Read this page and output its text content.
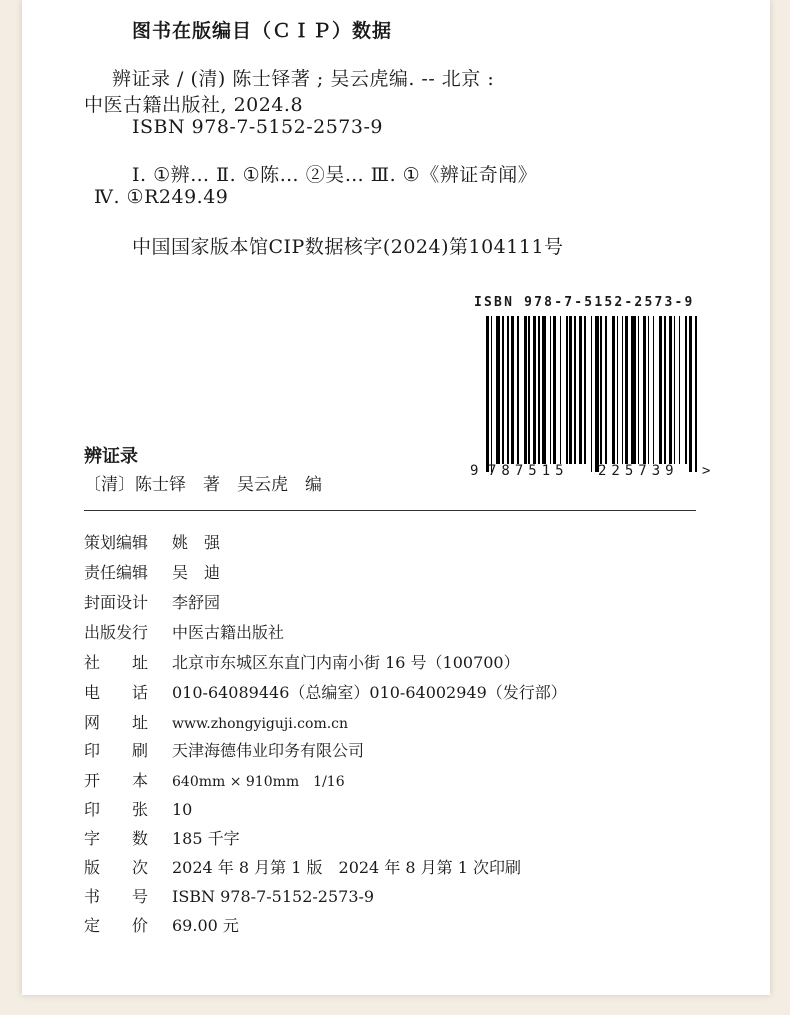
图书在版编目（ＣＩＰ）数据
辨证录 / (清) 陈士铎著 ; 吴云虎编. -- 北京 :
中医古籍出版社, 2024.8
ISBN 978-7-5152-2573-9
Ⅰ. ①辨… Ⅱ. ①陈… ②吴… Ⅲ. ①《辨证奇闻》
Ⅳ. ①R249.49
中国国家版本馆CIP数据核字(2024)第104111号
ISBN 978-7-5152-2573-9
9 787515 225739 >
辨证录
〔清〕陈士铎　著　吴云虎　编
策划编辑 姚　强
责任编辑 吴　迪
封面设计 李舒园
出版发行 中医古籍出版社
社　　址 北京市东城区东直门内南小街 16 号（100700）
电　　话 010-64089446（总编室）010-64002949（发行部）
网　　址 www.zhongyiguji.com.cn
印　　刷 天津海德伟业印务有限公司
开　　本 640mm × 910mm　1/16
印　　张 10
字　　数 185 千字
版　　次 2024 年 8 月第 1 版　2024 年 8 月第 1 次印刷
书　　号 ISBN 978-7-5152-2573-9
定　　价 69.00 元
